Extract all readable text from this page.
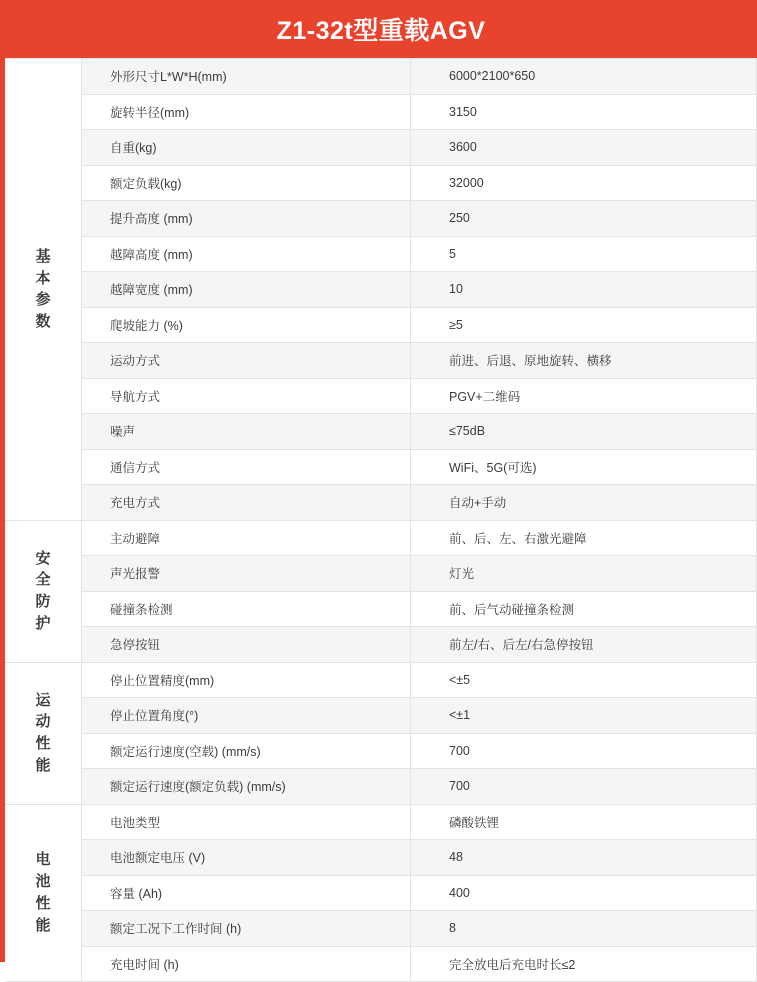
Z1-32t型重载AGV
基本参数	外形尺寸L*W*H(mm)	6000*2100*650
	旋转半径(mm)	3150
	自重(kg)	3600
	额定负载(kg)	32000
	提升高度 (mm)	250
	越障高度 (mm)	5
	越障宽度 (mm)	10
	爬坡能力 (%)	≥5
	运动方式	前进、后退、原地旋转、横移
	导航方式	PGV+二维码
	噪声	≤75dB
	通信方式	WiFi、5G(可选)
	充电方式	自动+手动
安全防护	主动避障	前、后、左、右激光避障
	声光报警	灯光
	碰撞条检测	前、后气动碰撞条检测
	急停按钮	前左/右、后左/右急停按钮
运动性能	停止位置精度(mm)	<±5
	停止位置角度(°)	<±1
	额定运行速度(空载) (mm/s)	700
	额定运行速度(额定负载) (mm/s)	700
电池性能	电池类型	磷酸铁锂
	电池额定电压 (V)	48
	容量 (Ah)	400
	额定工况下工作时间 (h)	8
	充电时间 (h)	完全放电后充电时长≤2
